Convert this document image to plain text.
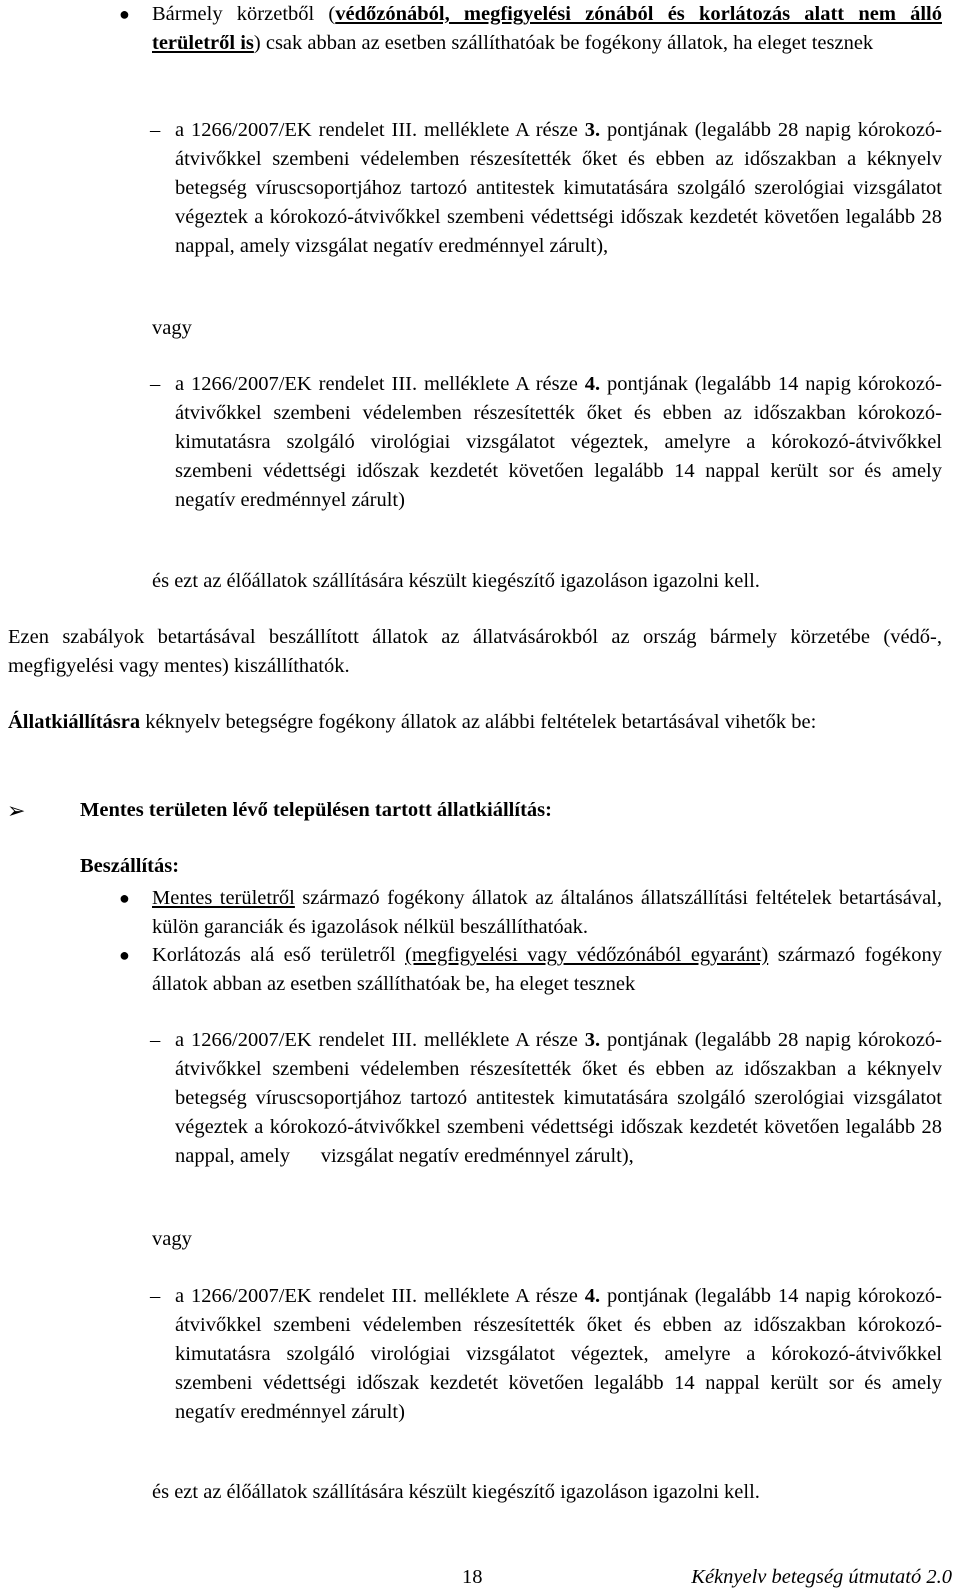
● Bármely körzetből (védőzónából, megfigyelési zónából és korlátozás alatt nem álló területről is) csak abban az esetben szállíthatóak be fogékony állatok, ha eleget tesznek

– a 1266/2007/EK rendelet III. melléklete A része 3. pontjának (legalább 28 napig kórokozó-átvivőkkel szembeni védelemben részesítették őket és ebben az időszakban a kéknyelv betegség víruscsoportjához tartozó antitestek kimutatására szolgáló szerológiai vizsgálatot végeztek a kórokozó-átvivőkkel szembeni védettségi időszak kezdetét követően legalább 28 nappal, amely vizsgálat negatív eredménnyel zárult),

vagy

– a 1266/2007/EK rendelet III. melléklete A része 4. pontjának (legalább 14 napig kórokozó-átvivőkkel szembeni védelemben részesítették őket és ebben az időszakban kórokozó-kimutatásra szolgáló virológiai vizsgálatot végeztek, amelyre a kórokozó-átvivőkkel szembeni védettségi időszak kezdetét követően legalább 14 nappal került sor és amely negatív eredménnyel zárult)

és ezt az élőállatok szállítására készült kiegészítő igazoláson igazolni kell.

Ezen szabályok betartásával beszállított állatok az állatvásárokból az ország bármely körzetébe (védő-, megfigyelési vagy mentes) kiszállíthatók.

Állatkiállításra kéknyelv betegségre fogékony állatok az alábbi feltételek betartásával vihetők be:

➢	Mentes területen lévő településen tartott állatkiállítás:

Beszállítás:

● Mentes területről származó fogékony állatok az általános állatszállítási feltételek betartásával, külön garanciák és igazolások nélkül beszállíthatóak.

● Korlátozás alá eső területről (megfigyelési vagy védőzónából egyaránt) származó fogékony állatok abban az esetben szállíthatóak be, ha eleget tesznek

– a 1266/2007/EK rendelet III. melléklete A része 3. pontjának (legalább 28 napig kórokozó-átvivőkkel szembeni védelemben részesítették őket és ebben az időszakban a kéknyelv betegség víruscsoportjához tartozó antitestek kimutatására szolgáló szerológiai vizsgálatot végeztek a kórokozó-átvivőkkel szembeni védettségi időszak kezdetét követően legalább 28 nappal, amely      vizsgálat negatív eredménnyel zárult),

vagy

– a 1266/2007/EK rendelet III. melléklete A része 4. pontjának (legalább 14 napig kórokozó-átvivőkkel szembeni védelemben részesítették őket és ebben az időszakban kórokozó-kimutatásra szolgáló virológiai vizsgálatot végeztek, amelyre a kórokozó-átvivőkkel szembeni védettségi időszak kezdetét követően legalább 14 nappal került sor és amely negatív eredménnyel zárult)

és ezt az élőállatok szállítására készült kiegészítő igazoláson igazolni kell.

18	Kéknyelv betegség útmutató 2.0
